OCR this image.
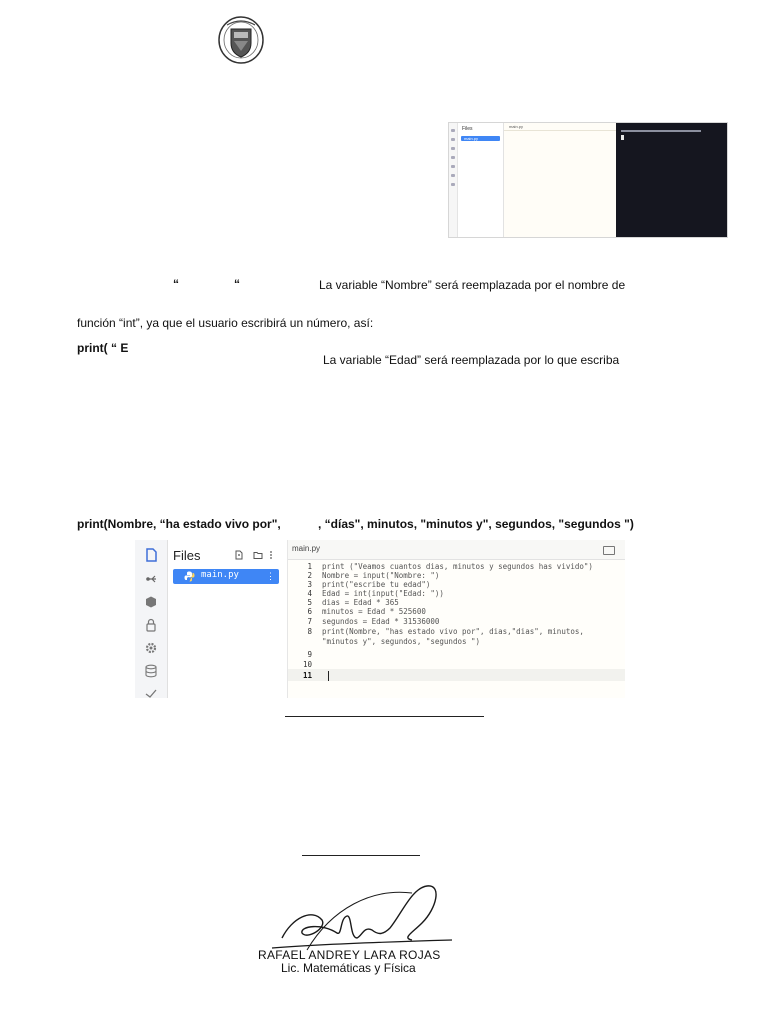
Files
main.py
main.py
“	“	La variable “Nombre” será reemplazada por el nombre de
función “int”, ya que el usuario escribirá un número, así:
print( “ E
La variable “Edad” será reemplazada por lo que escriba
print(Nombre, “ha estado vivo por",	, “días", minutos, "minutos y", segundos, "segundos ")
Files
main.py	⋮
main.py
1
2
3
4
5
6
7
8
9
10
11
print ("Veamos cuantos dias, minutos y segundos has vivido")
Nombre = input("Nombre: ")
print("escribe tu edad")
Edad = int(input("Edad: "))
dias = Edad * 365
minutos = Edad * 525600
segundos = Edad * 31536000
print(Nombre, "has estado vivo por", dias,"dias", minutos,
"minutos y", segundos, "segundos ")
RAFAEL ANDREY LARA ROJAS
Lic. Matemáticas y Física
